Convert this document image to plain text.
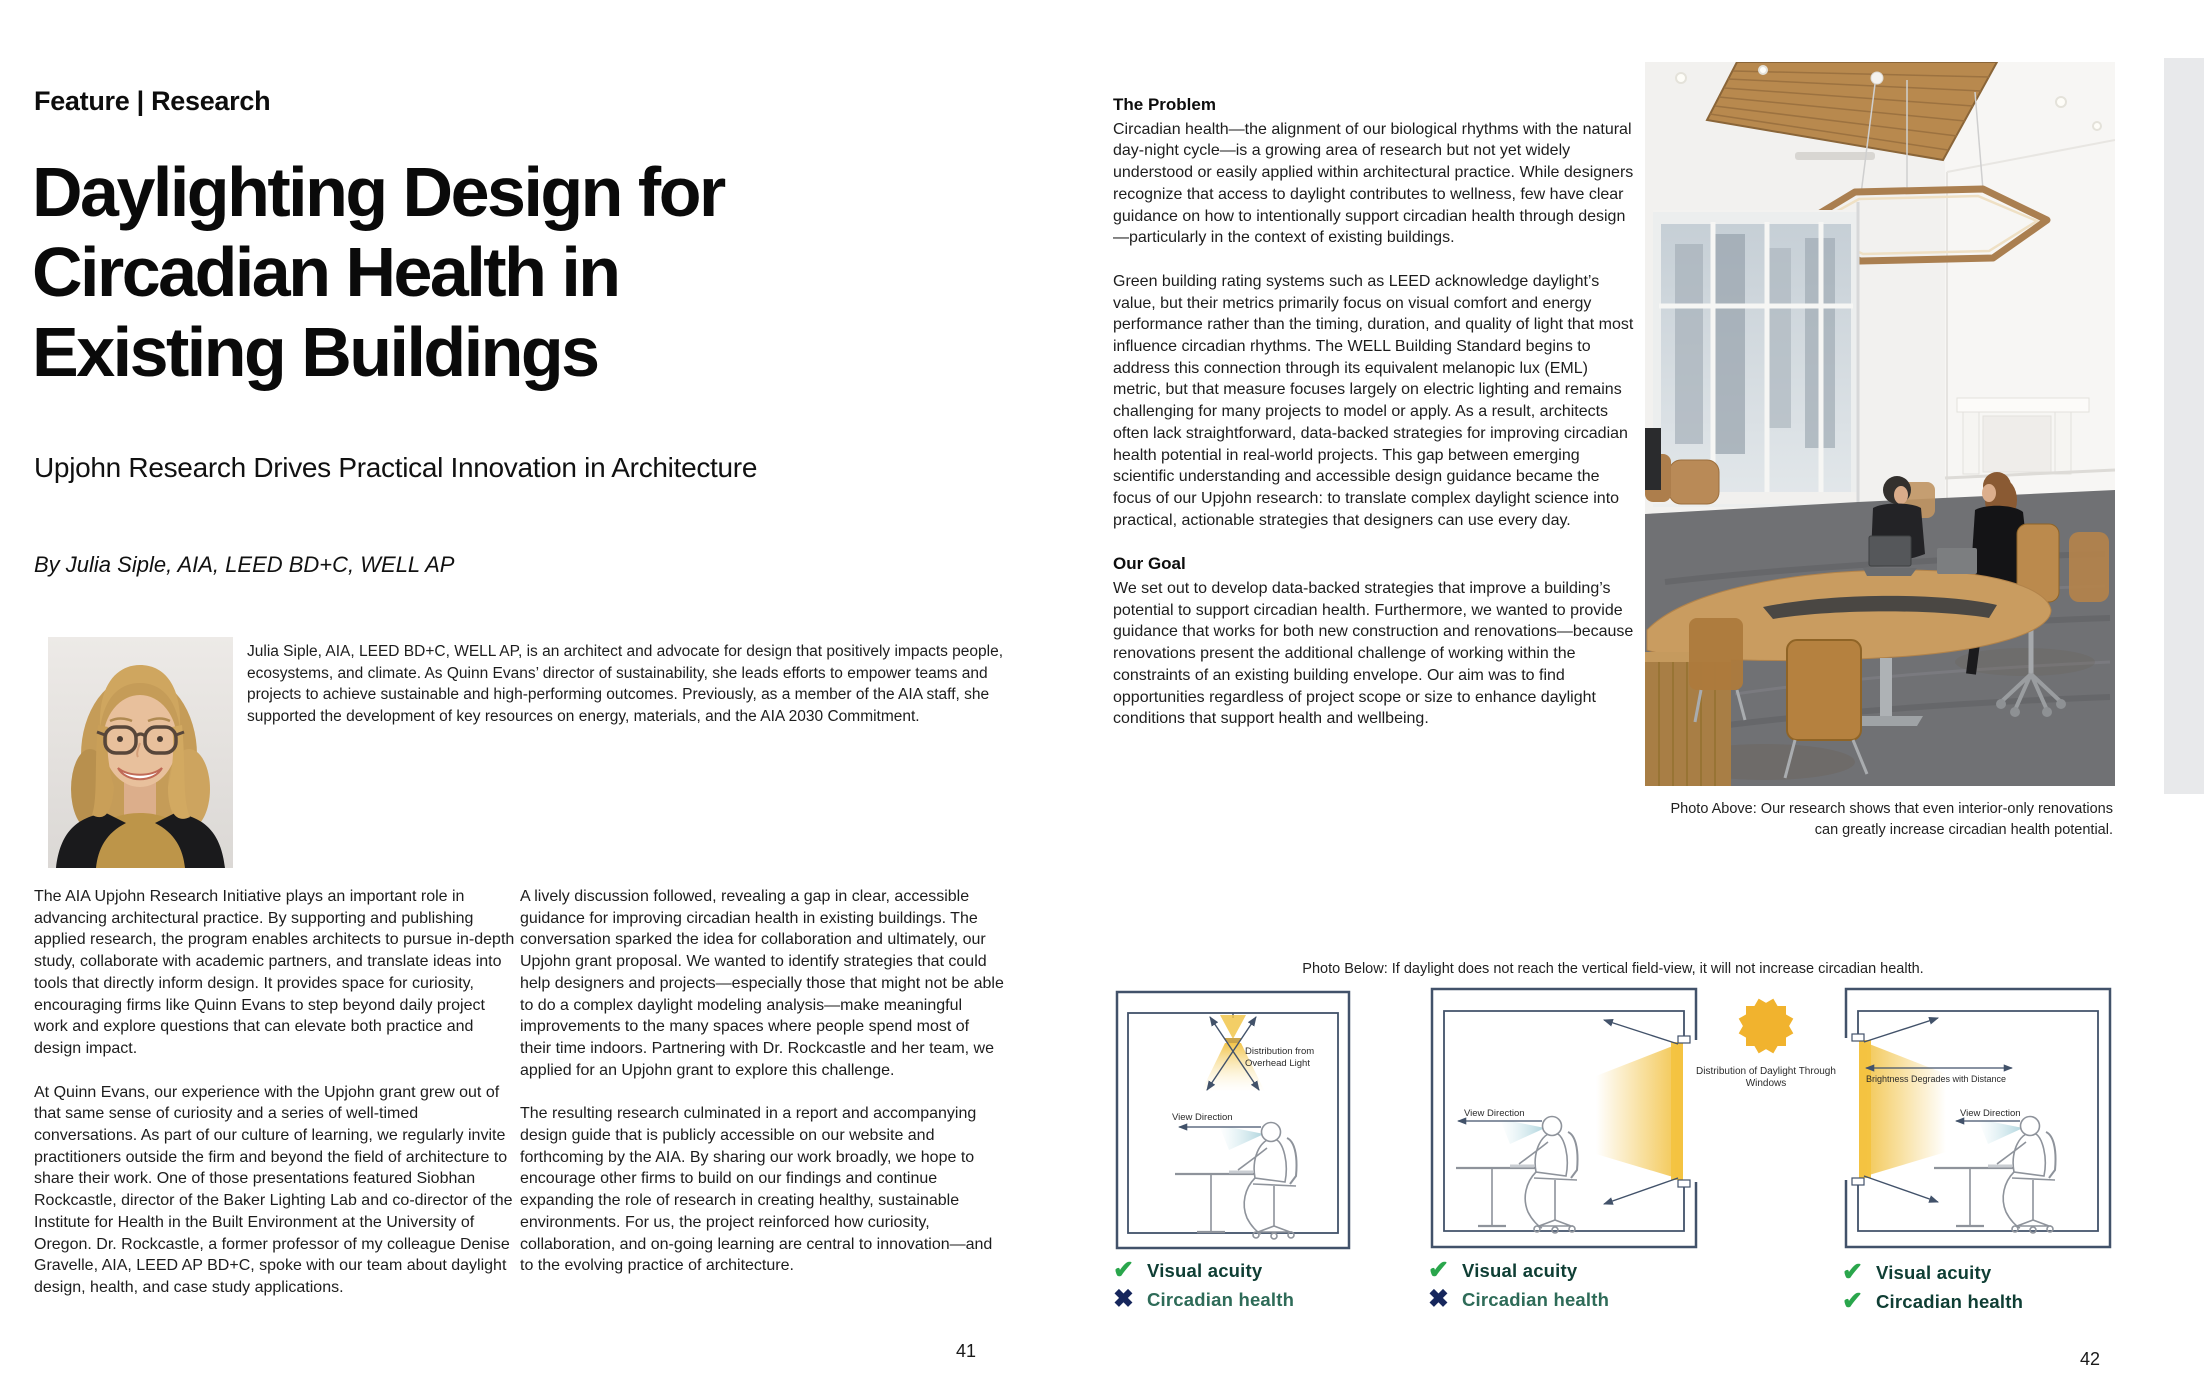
Feature | Research
Daylighting Design for
Circadian Health in
Existing Buildings
Upjohn Research Drives Practical Innovation in Architecture
By Julia Siple, AIA, LEED BD+C, WELL AP
Julia Siple, AIA, LEED BD+C, WELL AP, is an architect and advocate for design that positively impacts people, ecosystems, and climate. As Quinn Evans’ director of sustainability, she leads efforts to empower teams and projects to achieve sustainable and high-performing outcomes. Previously, as a member of the AIA staff, she supported the development of key resources on energy, materials, and the AIA 2030 Commitment.

The AIA Upjohn Research Initiative plays an important role in advancing architectural practice. By supporting and publishing applied research, the program enables architects to pursue in-depth study, collaborate with academic partners, and translate ideas into tools that directly inform design. It provides space for curiosity, encouraging firms like Quinn Evans to step beyond daily project work and explore questions that can elevate both practice and design impact.

At Quinn Evans, our experience with the Upjohn grant grew out of that same sense of curiosity and a series of well-timed conversations. As part of our culture of learning, we regularly invite practitioners outside the firm and beyond the field of architecture to share their work. One of those presentations featured Siobhan Rockcastle, director of the Baker Lighting Lab and co-director of the Institute for Health in the Built Environment at the University of Oregon. Dr. Rockcastle, a former professor of my colleague Denise Gravelle, AIA, LEED AP BD+C, spoke with our team about daylight design, health, and case study applications.

A lively discussion followed, revealing a gap in clear, accessible guidance for improving circadian health in existing buildings. The conversation sparked the idea for collaboration and ultimately, our Upjohn grant proposal. We wanted to identify strategies that could help designers and projects—especially those that might not be able to do a complex daylight modeling analysis—make meaningful improvements to the many spaces where people spend most of their time indoors. Partnering with Dr. Rockcastle and her team, we applied for an Upjohn grant to explore this challenge.

The resulting research culminated in a report and accompanying design guide that is publicly accessible on our website and forthcoming by the AIA. By sharing our work broadly, we hope to encourage other firms to build on our findings and continue expanding the role of research in creating healthy, sustainable environments. For us, the project reinforced how curiosity, collaboration, and on-going learning are central to innovation—and to the evolving practice of architecture.

41
The Problem

Circadian health—the alignment of our biological rhythms with the natural day-night cycle—is a growing area of research but not yet widely understood or easily applied within architectural practice. While designers recognize that access to daylight contributes to wellness, few have clear guidance on how to intentionally support circadian health through design—particularly in the context of existing buildings.

Green building rating systems such as LEED acknowledge daylight’s value, but their metrics primarily focus on visual comfort and energy performance rather than the timing, duration, and quality of light that most influence circadian rhythms. The WELL Building Standard begins to address this connection through its equivalent melanopic lux (EML) metric, but that measure focuses largely on electric lighting and remains challenging for many projects to model or apply. As a result, architects often lack straightforward, data-backed strategies for improving circadian health potential in real-world projects. This gap between emerging scientific understanding and accessible design guidance became the focus of our Upjohn research: to translate complex daylight science into practical, actionable strategies that designers can use every day.

Our Goal

We set out to develop data-backed strategies that improve a building’s potential to support circadian health. Furthermore, we wanted to provide guidance that works for both new construction and renovations—because renovations present the additional challenge of working within the constraints of an existing building envelope. Our aim was to find opportunities regardless of project scope or size to enhance daylight conditions that support health and wellbeing.

Photo Above: Our research shows that even interior-only renovations can greatly increase circadian health potential.
Photo Below: If daylight does not reach the vertical field-view, it will not increase circadian health.
Distribution from Overhead Light
View Direction
✔ Visual acuity
✖ Circadian health
View Direction
✔ Visual acuity
✖ Circadian health
Distribution of Daylight Through Windows	Brightness Degrades with Distance
View Direction
✔ Visual acuity
✔ Circadian health
42
